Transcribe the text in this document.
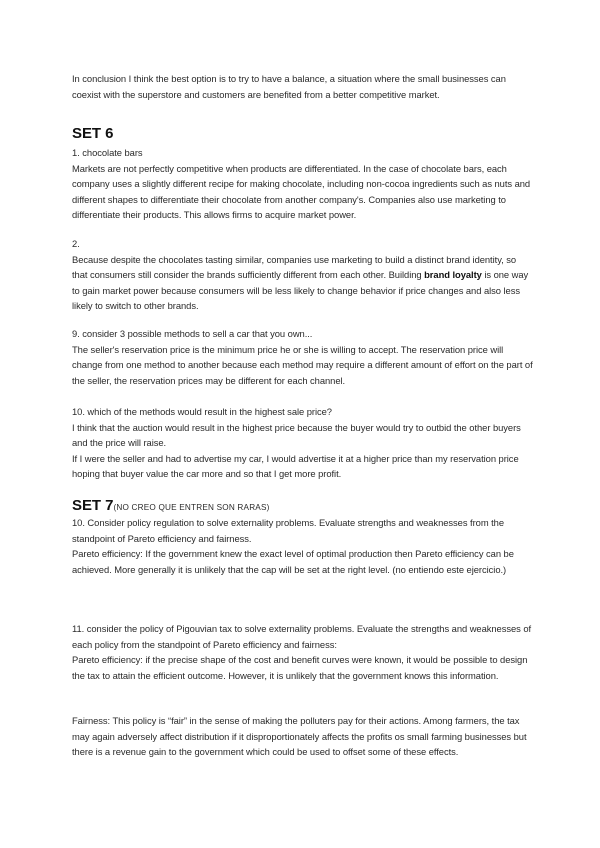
In conclusion I think the best option is to try to have a balance, a situation where the small businesses can coexist with the superstore and customers are benefited from a better competitive market.

SET 6

1. chocolate bars

Markets are not perfectly competitive when products are differentiated. In the case of chocolate bars, each company uses a slightly different recipe for making chocolate, including non-cocoa ingredients such as nuts and different shapes to differentiate their chocolate from another company's. Companies also use marketing to differentiate their products. This allows firms to acquire market power.

2.

Because despite the chocolates tasting similar, companies use marketing to build a distinct brand identity, so that consumers still consider the brands sufficiently different from each other. Building brand loyalty is one way to gain market power because consumers will be less likely to change behavior if price changes and also less likely to switch to other brands.

9. consider 3 possible methods to sell a car that you own...

The seller's reservation price is the minimum price he or she is willing to accept. The reservation price will change from one method to another because each method may require a different amount of effort on the part of the seller, the reservation prices may be different for each channel.

10. which of the methods would result in the highest sale price?

I think that the auction would result in the highest price because the buyer would try to outbid the other buyers and the price will raise.

If I were the seller and had to advertise my car, I would advertise it at a higher price than my reservation price hoping that buyer value the car more and so that I get more profit.

SET 7(NO CREO QUE ENTREN SON RARAS)

10. Consider policy regulation to solve externality problems. Evaluate strengths and weaknesses from the standpoint of Pareto efficiency and fairness.

Pareto efficiency: If the government knew the exact level of optimal production then Pareto efficiency can be achieved. More generally it is unlikely that the cap will be set at the right level. (no entiendo este ejercicio.)

11. consider the policy of Pigouvian tax to solve externality problems. Evaluate the strengths and weaknesses of each policy from the standpoint of Pareto efficiency and fairness:

Pareto efficiency: if the precise shape of the cost and benefit curves were known, it would be possible to design the tax to attain the efficient outcome. However, it is unlikely that the government knows this information.

Fairness: This policy is “fair” in the sense of making the polluters pay for their actions. Among farmers, the tax may again adversely affect distribution if it disproportionately affects the profits os small farming businesses but there is a revenue gain to the government which could be used to offset some of these effects.
